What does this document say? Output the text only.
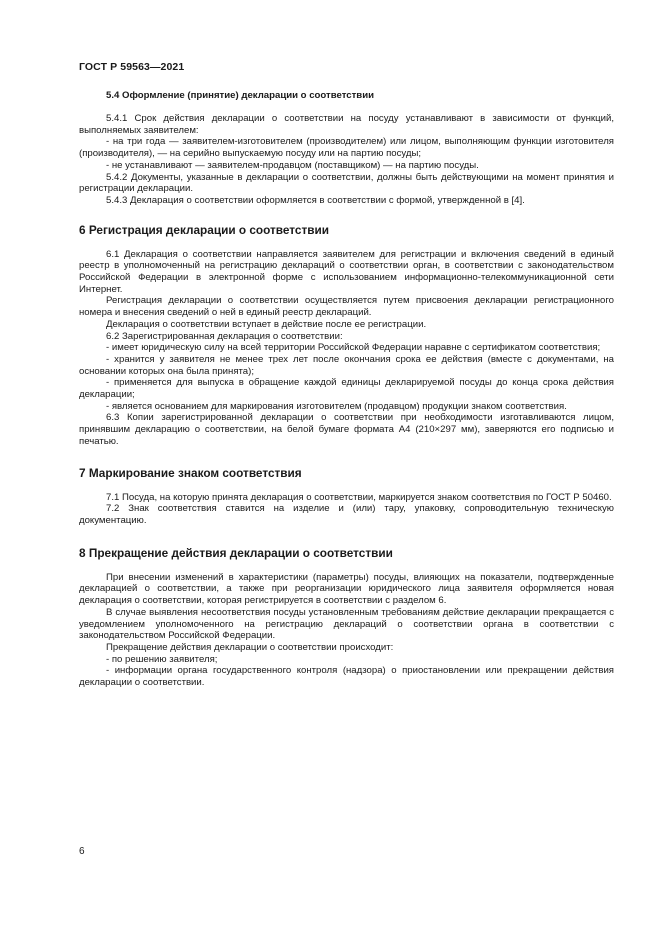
ГОСТ Р 59563—2021
5.4 Оформление (принятие) декларации о соответствии

5.4.1 Срок действия декларации о соответствии на посуду устанавливают в зависимости от функций, выполняемых заявителем:

- на три года — заявителем-изготовителем (производителем) или лицом, выполняющим функции изготовителя (производителя), — на серийно выпускаемую посуду или на партию посуды;

- не устанавливают — заявителем-продавцом (поставщиком) — на партию посуды.

5.4.2 Документы, указанные в декларации о соответствии, должны быть действующими на момент принятия и регистрации декларации.

5.4.3 Декларация о соответствии оформляется в соответствии с формой, утвержденной в [4].

6 Регистрация декларации о соответствии

6.1 Декларация о соответствии направляется заявителем для регистрации и включения сведений в единый реестр в уполномоченный на регистрацию деклараций о соответствии орган, в соответствии с законодательством Российской Федерации в электронной форме с использованием информационно-телекоммуникационной сети Интернет.

Регистрация декларации о соответствии осуществляется путем присвоения декларации регистрационного номера и внесения сведений о ней в единый реестр деклараций.

Декларация о соответствии вступает в действие после ее регистрации.

6.2 Зарегистрированная декларация о соответствии:

- имеет юридическую силу на всей территории Российской Федерации наравне с сертификатом соответствия;

- хранится у заявителя не менее трех лет после окончания срока ее действия (вместе с документами, на основании которых она была принята);

- применяется для выпуска в обращение каждой единицы декларируемой посуды до конца срока действия декларации;

- является основанием для маркирования изготовителем (продавцом) продукции знаком соответствия.

6.3 Копии зарегистрированной декларации о соответствии при необходимости изготавливаются лицом, принявшим декларацию о соответствии, на белой бумаге формата А4 (210×297 мм), заверяются его подписью и печатью.

7 Маркирование знаком соответствия

7.1 Посуда, на которую принята декларация о соответствии, маркируется знаком соответствия по ГОСТ Р 50460.

7.2 Знак соответствия ставится на изделие и (или) тару, упаковку, сопроводительную техническую документацию.

8 Прекращение действия декларации о соответствии

При внесении изменений в характеристики (параметры) посуды, влияющих на показатели, подтвержденные декларацией о соответствии, а также при реорганизации юридического лица заявителя оформляется новая декларация о соответствии, которая регистрируется в соответствии с разделом 6.

В случае выявления несоответствия посуды установленным требованиям действие декларации прекращается с уведомлением уполномоченного на регистрацию деклараций о соответствии органа в соответствии с законодательством Российской Федерации.

Прекращение действия декларации о соответствии происходит:

- по решению заявителя;

- информации органа государственного контроля (надзора) о приостановлении или прекращении действия декларации о соответствии.

6
